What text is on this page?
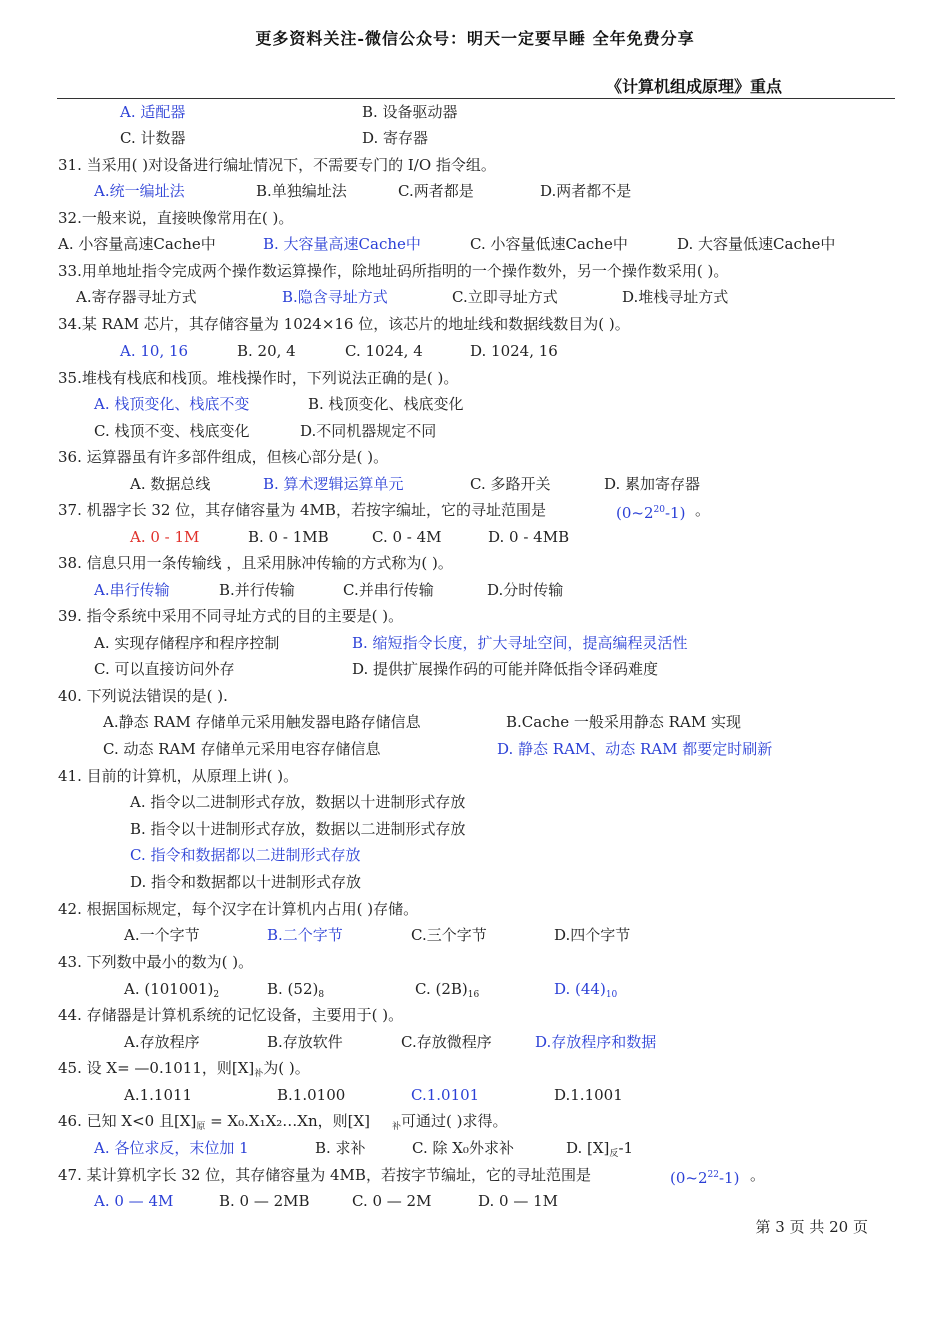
更多资料关注-微信公众号：明天一定要早睡 全年免费分享
《计算机组成原理》重点
A. 适配器	B. 设备驱动器
C. 计数器	D. 寄存器
31. 当采用( )对设备进行编址情况下，不需要专门的 I/O 指令组。
A.统一编址法	B.单独编址法	C.两者都是	D.两者都不是
32.一般来说，直接映像常用在( )。
A. 小容量高速Cache中	B. 大容量高速Cache中	C. 小容量低速Cache中	D. 大容量低速Cache中
33.用单地址指令完成两个操作数运算操作，除地址码所指明的一个操作数外，另一个操作数采用( )。
A.寄存器寻址方式	B.隐含寻址方式	C.立即寻址方式	D.堆栈寻址方式
34.某 RAM 芯片，其存储容量为 1024×16 位，该芯片的地址线和数据线数目为( )。
A. 10, 16	B. 20, 4	C. 1024, 4	D. 1024, 16
35.堆栈有栈底和栈顶。堆栈操作时，下列说法正确的是( )。
A. 栈顶变化、栈底不变	B. 栈顶变化、栈底变化
C. 栈顶不变、栈底变化	D.不同机器规定不同
36. 运算器虽有许多部件组成，但核心部分是( )。
A. 数据总线	B. 算术逻辑运算单元	C. 多路开关	D. 累加寄存器
37. 机器字长 32 位，其存储容量为 4MB，若按字编址，它的寻址范围是	$(0\sim 2^{20}-1)$ 。
A. 0 - 1M	B. 0 - 1MB	C. 0 - 4M	D. 0 - 4MB
38. 信息只用一条传输线 ，且采用脉冲传输的方式称为( )。
A.串行传输	B.并行传输	C.并串行传输	D.分时传输
39. 指令系统中采用不同寻址方式的目的主要是( )。
A. 实现存储程序和程序控制	B. 缩短指令长度，扩大寻址空间，提高编程灵活性
C. 可以直接访问外存	D. 提供扩展操作码的可能并降低指令译码难度
40. 下列说法错误的是( ).
A.静态 RAM 存储单元采用触发器电路存储信息	B.Cache 一般采用静态 RAM 实现
C. 动态 RAM 存储单元采用电容存储信息	D. 静态 RAM、动态 RAM 都要定时刷新
41. 目前的计算机，从原理上讲( )。
A. 指令以二进制形式存放，数据以十进制形式存放
B. 指令以十进制形式存放，数据以二进制形式存放
C. 指令和数据都以二进制形式存放
D. 指令和数据都以十进制形式存放
42. 根据国标规定，每个汉字在计算机内占用( )存储。
A.一个字节	B.二个字节	C.三个字节	D.四个字节
43. 下列数中最小的数为( )。
A. $(101001)_2$	B. $(52)_8$	C. $(2B)_{16}$	D. $(44)_{10}$
44. 存储器是计算机系统的记忆设备，主要用于( )。
A.存放程序	B.存放软件	C.存放微程序	D.存放程序和数据
45. 设 X= —0.1011，则$[X]_补$为( )。
A.1.1011	B.1.0100	C.1.0101	D.1.1001
46. 已知 X<0 且$[X]_原$ = X₀.X₁X₂…Xn，则[X] $_补$可通过( )求得。
A. 各位求反，末位加 1	B. 求补	C. 除 X₀外求补	D. $[X]_反-1$
47. 某计算机字长 32 位，其存储容量为 4MB，若按字节编址，它的寻址范围是	$(0\sim 2^{22}-1)$ 。
A. 0 — 4M	B. 0 — 2MB	C. 0 — 2M	D. 0 — 1M
第 3 页 共 20 页
